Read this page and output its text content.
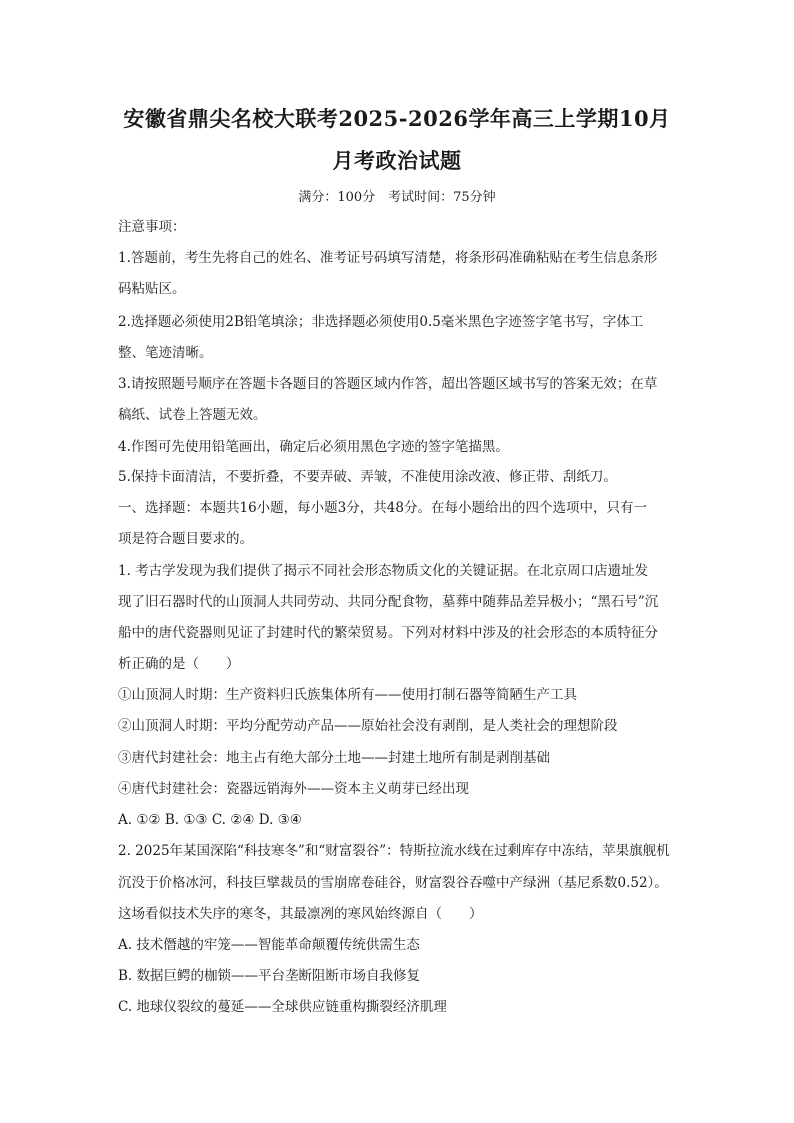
安徽省鼎尖名校大联考2025-2026学年高三上学期10月
月考政治试题
满分：100分　考试时间：75分钟
注意事项：
1.答题前，考生先将自己的姓名、准考证号码填写清楚，将条形码准确粘贴在考生信息条形
码粘贴区。
2.选择题必须使用2B铅笔填涂；非选择题必须使用0.5毫米黑色字迹签字笔书写，字体工
整、笔迹清晰。
3.请按照题号顺序在答题卡各题目的答题区域内作答，超出答题区域书写的答案无效；在草
稿纸、试卷上答题无效。
4.作图可先使用铅笔画出，确定后必须用黑色字迹的签字笔描黑。
5.保持卡面清洁，不要折叠，不要弄破、弄皱，不准使用涂改液、修正带、刮纸刀。
一、选择题：本题共16小题，每小题3分，共48分。在每小题给出的四个选项中，只有一
项是符合题目要求的。
1. 考古学发现为我们提供了揭示不同社会形态物质文化的关键证据。在北京周口店遗址发
现了旧石器时代的山顶洞人共同劳动、共同分配食物，墓葬中随葬品差异极小；“黑石号”沉
船中的唐代瓷器则见证了封建时代的繁荣贸易。下列对材料中涉及的社会形态的本质特征分
析正确的是（　　）
①山顶洞人时期：生产资料归氏族集体所有——使用打制石器等简陋生产工具
②山顶洞人时期：平均分配劳动产品——原始社会没有剥削，是人类社会的理想阶段
③唐代封建社会：地主占有绝大部分土地——封建土地所有制是剥削基础
④唐代封建社会：瓷器远销海外——资本主义萌芽已经出现
A. ①② B. ①③ C. ②④ D. ③④
2. 2025年某国深陷“科技寒冬”和“财富裂谷”：特斯拉流水线在过剩库存中冻结，苹果旗舰机
沉没于价格冰河，科技巨擘裁员的雪崩席卷硅谷，财富裂谷吞噬中产绿洲（基尼系数0.52）。
这场看似技术失序的寒冬，其最凛冽的寒风始终源自（　　）
A. 技术僭越的牢笼——智能革命颠覆传统供需生态
B. 数据巨鳄的枷锁——平台垄断阻断市场自我修复
C. 地球仪裂纹的蔓延——全球供应链重构撕裂经济肌理
